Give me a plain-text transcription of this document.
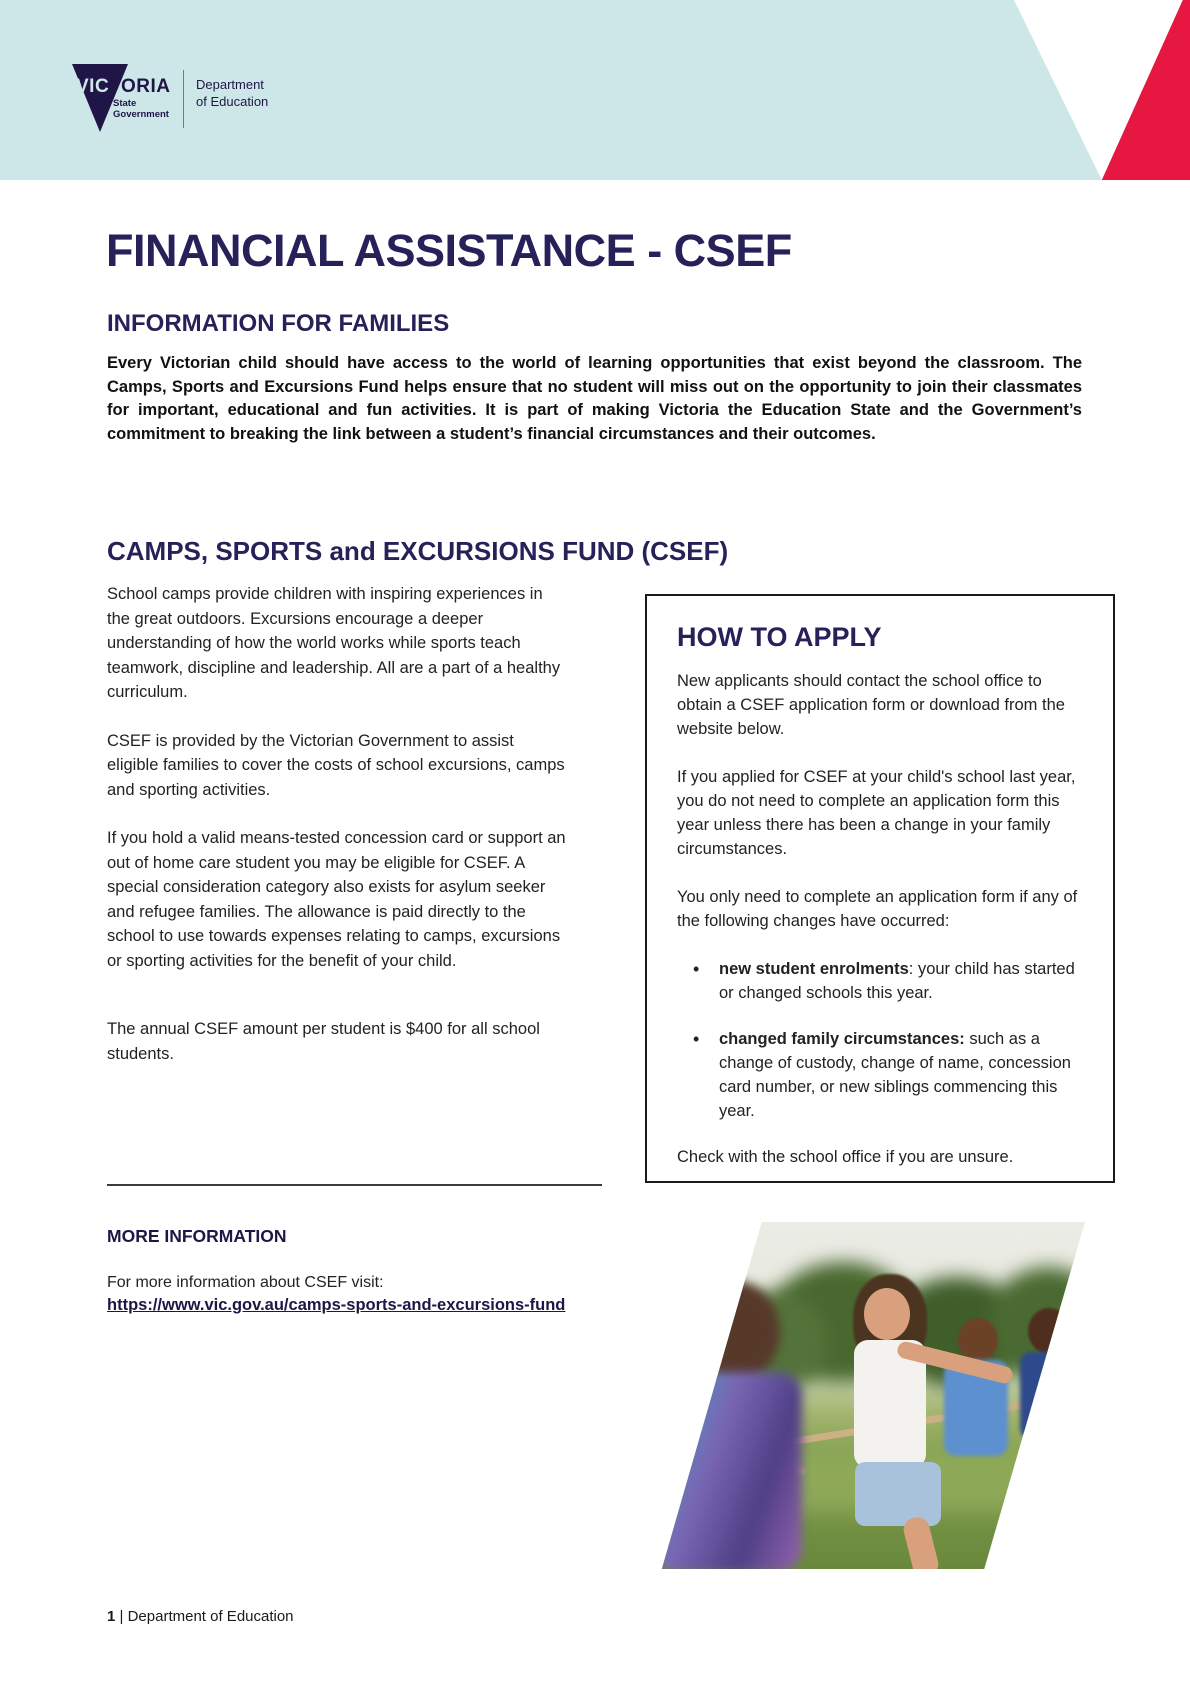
VICTORIA
State
Government
Department
of Education
FINANCIAL ASSISTANCE - CSEF
INFORMATION FOR FAMILIES

Every Victorian child should have access to the world of learning opportunities that exist beyond the classroom. The Camps, Sports and Excursions Fund helps ensure that no student will miss out on the opportunity to join their classmates for important, educational and fun activities. It is part of making Victoria the Education State and the Government’s commitment to breaking the link between a student’s financial circumstances and their outcomes.

CAMPS, SPORTS and EXCURSIONS FUND (CSEF)

School camps provide children with inspiring experiences in the great outdoors. Excursions encourage a deeper understanding of how the world works while sports teach teamwork, discipline and leadership. All are a part of a healthy curriculum.

CSEF is provided by the Victorian Government to assist eligible families to cover the costs of school excursions, camps and sporting activities.

If you hold a valid means-tested concession card or support an out of home care student you may be eligible for CSEF. A special consideration category also exists for asylum seeker and refugee families. The allowance is paid directly to the school to use towards expenses relating to camps, excursions or sporting activities for the benefit of your child.

The annual CSEF amount per student is $400 for all school students.

HOW TO APPLY

New applicants should contact the school office to obtain a CSEF application form or download from the website below.

If you applied for CSEF at your child's school last year, you do not need to complete an application form this year unless there has been a change in your family circumstances.

You only need to complete an application form if any of the following changes have occurred:

• new student enrolments: your child has started or changed schools this year.
• changed family circumstances: such as a change of custody, change of name, concession card number, or new siblings commencing this year.

Check with the school office if you are unsure.

MORE INFORMATION
For more information about CSEF visit:
https://www.vic.gov.au/camps-sports-and-excursions-fund
1 | Department of Education
